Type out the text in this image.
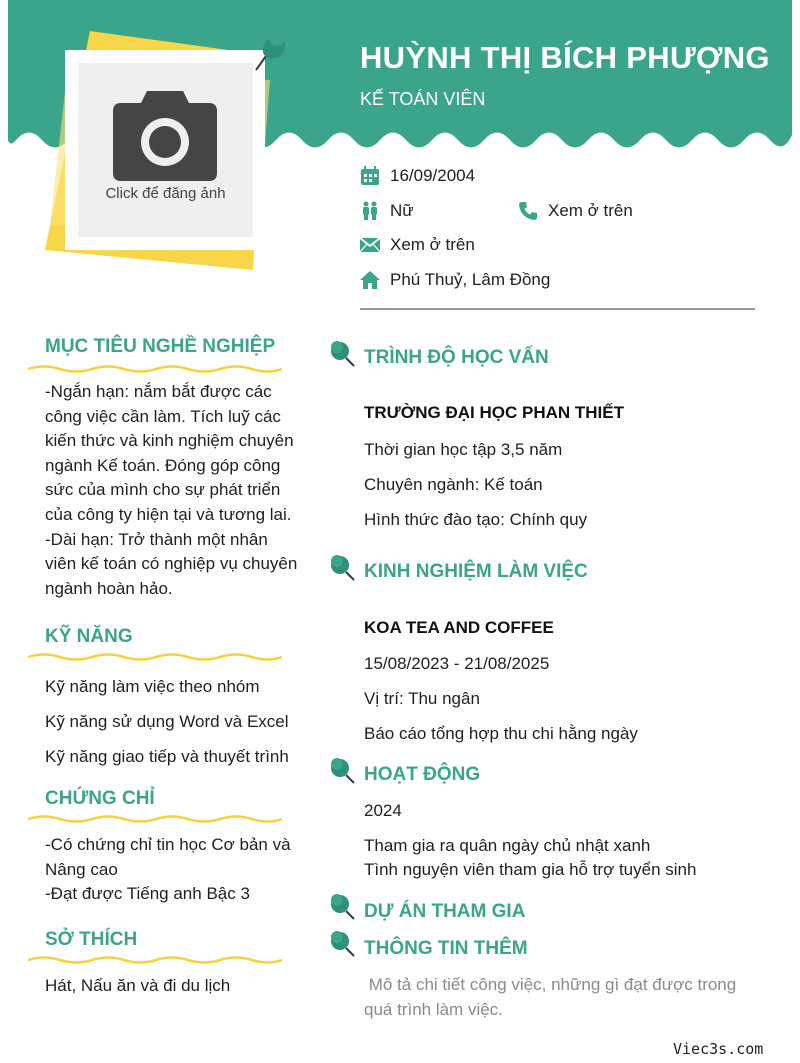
Click để đăng ảnh
HUỲNH THỊ BÍCH PHƯỢNG
KẾ TOÁN VIÊN
16/09/2004
Nữ	Xem ở trên
Xem ở trên
Phú Thuỷ, Lâm Đồng
MỤC TIÊU NGHỀ NGHIỆP
-Ngắn hạn: nắm bắt được các
công việc cần làm. Tích luỹ các
kiến thức và kinh nghiệm chuyên
ngành Kế toán. Đóng góp công
sức của mình cho sự phát triển
của công ty hiện tại và tương lai.
-Dài hạn: Trở thành một nhân
viên kế toán có nghiệp vụ chuyên
ngành hoàn hảo.
KỸ NĂNG
Kỹ năng làm việc theo nhóm
Kỹ năng sử dụng Word và Excel
Kỹ năng giao tiếp và thuyết trình
CHỨNG CHỈ
-Có chứng chỉ tin học Cơ bản và
Nâng cao
-Đạt được Tiếng anh Bậc 3
SỞ THÍCH
Hát, Nấu ăn và đi du lịch
TRÌNH ĐỘ HỌC VẤN
TRƯỜNG ĐẠI HỌC PHAN THIẾT
Thời gian học tập 3,5 năm
Chuyên ngành: Kế toán
Hình thức đào tạo: Chính quy
KINH NGHIỆM LÀM VIỆC
KOA TEA AND COFFEE
15/08/2023 - 21/08/2025
Vị trí: Thu ngân
Báo cáo tổng hợp thu chi hằng ngày
HOẠT ĐỘNG
2024
Tham gia ra quân ngày chủ nhật xanh
Tình nguyện viên tham gia hỗ trợ tuyển sinh
DỰ ÁN THAM GIA
THÔNG TIN THÊM
Mô tả chi tiết công việc, những gì đạt được trong
quá trình làm việc.
Viec3s.com
